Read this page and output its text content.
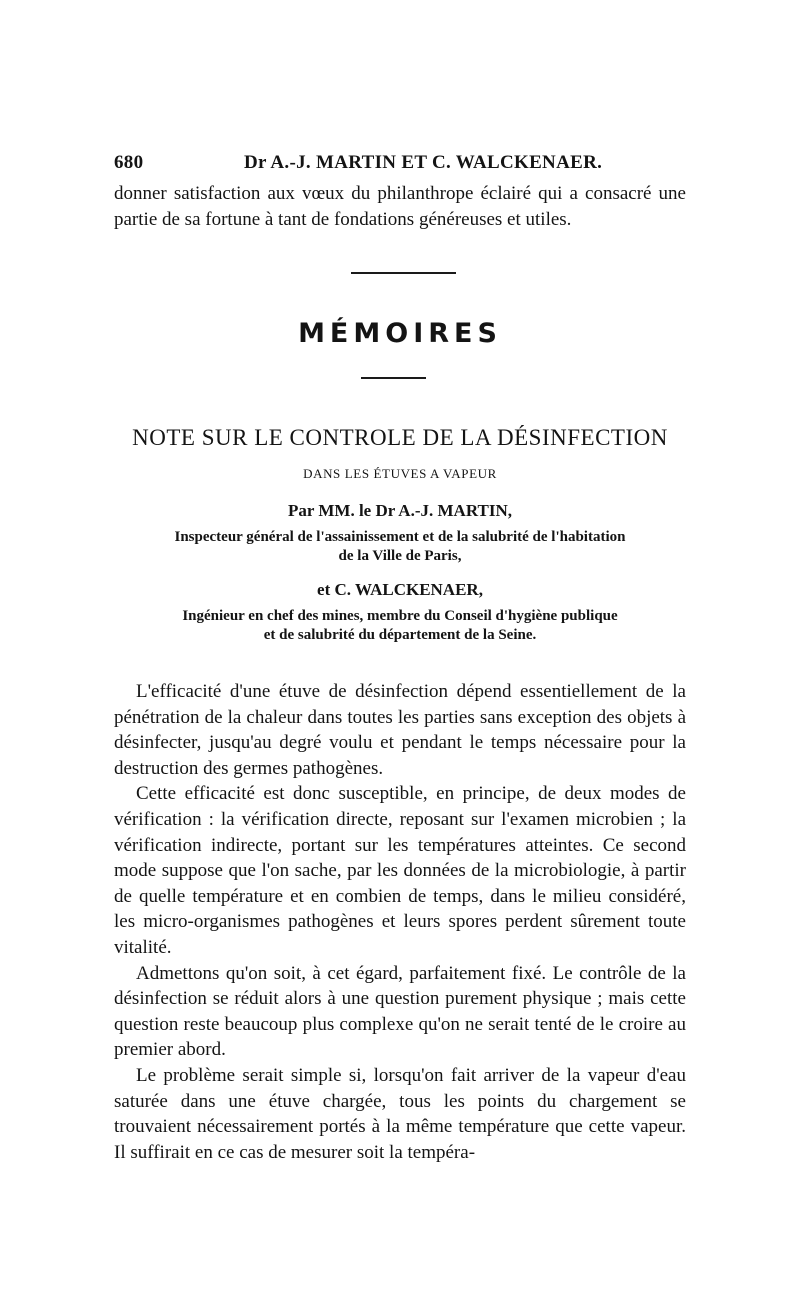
680	Dr A.-J. MARTIN ET C. WALCKENAER.

donner satisfaction aux vœux du philanthrope éclairé qui a consacré une partie de sa fortune à tant de fondations généreuses et utiles.

MÉMOIRES
NOTE SUR LE CONTROLE DE LA DÉSINFECTION
DANS LES ÉTUVES A VAPEUR
Par MM. le Dr A.-J. MARTIN,
Inspecteur général de l'assainissement et de la salubrité de l'habitation
de la Ville de Paris,
et C. WALCKENAER,
Ingénieur en chef des mines, membre du Conseil d'hygiène publique
et de salubrité du département de la Seine.

L'efficacité d'une étuve de désinfection dépend essentiellement de la pénétration de la chaleur dans toutes les parties sans exception des objets à désinfecter, jusqu'au degré voulu et pendant le temps nécessaire pour la destruction des germes pathogènes.

Cette efficacité est donc susceptible, en principe, de deux modes de vérification : la vérification directe, reposant sur l'examen microbien ; la vérification indirecte, portant sur les températures atteintes. Ce second mode suppose que l'on sache, par les données de la microbiologie, à partir de quelle température et en combien de temps, dans le milieu considéré, les micro-organismes pathogènes et leurs spores perdent sûrement toute vitalité.

Admettons qu'on soit, à cet égard, parfaitement fixé. Le contrôle de la désinfection se réduit alors à une question purement physique ; mais cette question reste beaucoup plus complexe qu'on ne serait tenté de le croire au premier abord.

Le problème serait simple si, lorsqu'on fait arriver de la vapeur d'eau saturée dans une étuve chargée, tous les points du chargement se trouvaient nécessairement portés à la même température que cette vapeur. Il suffirait en ce cas de mesurer soit la tempéra-
